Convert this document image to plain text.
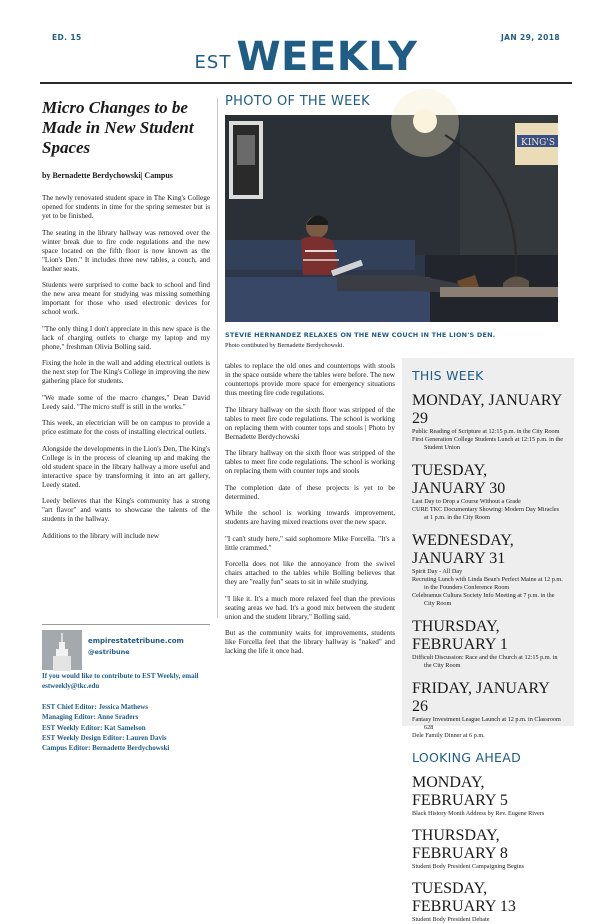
ED. 15	JAN 29, 2018
EST WEEKLY
Micro Changes to be Made in New Student Spaces
by Bernadette Berdychowski| Campus

The newly renovated student space in The King's College opened for students in time for the spring semester but is yet to be finished.

The seating in the library hallway was removed over the winter break due to fire code regulations and the new space located on the fifth floor is now known as the "Lion's Den." It includes three new tables, a couch, and leather seats.

Students were surprised to come back to school and find the new area meant for studying was missing something important for those who used electronic devices for school work.

"The only thing I don't appreciate in this new space is the lack of charging outlets to charge my laptop and my phone," freshman Olivia Bolling said.

Fixing the hole in the wall and adding electrical outlets is the next step for The King's College in improving the new gathering place for students.

"We made some of the macro changes," Dean David Leedy said. "The micro stuff is still in the works."

This week, an electrician will be on campus to provide a price estimate for the costs of installing electrical outlets.

Alongside the developments in the Lion's Den, The King's College is in the process of cleaning up and making the old student space in the library hallway a more useful and interactive space by transforming it into an art gallery, Leedy stated.

Leedy believes that the King's community has a strong "art flavor" and wants to showcase the talents of the students in the hallway.

Additions to the library will include new

PHOTO OF THE WEEK
KING'S
STEVIE HERNANDEZ RELAXES ON THE NEW COUCH IN THE LION'S DEN.
Photo contibuted by Bernadette Berdychowski.

tables to replace the old ones and countertops with stools in the space outside where the tables were before. The new countertops provide more space for emergency situations thus meeting fire code regulations.

The library hallway on the sixth floor was stripped of the tables to meet fire code regulations. The school is working on replacing them with counter tops and stools | Photo by Bernadette Berdychowski

The library hallway on the sixth floor was stripped of the tables to meet fire code regulations. The school is working on replacing them with counter tops and stools

The completion date of these projects is yet to be determined.

While the school is working towards improvement, students are having mixed reactions over the new space.

"I can't study here," said sophomore Mike Forcella. "It's a little crammed."

Forcella does not like the annoyance from the swivel chairs attached to the tables while Bolling believes that they are "really fun" seats to sit in while studying.

"I like it. It's a much more relaxed feel than the previous seating areas we had. It's a good mix between the student union and the student library," Bolling said.

But as the community waits for improvements, students like Forcella feel that the library hallway is "naked" and lacking the life it once had.

THIS WEEK
MONDAY, JANUARY 29
Public Reading of Scripture at 12:15 p.m. in the City Room
First Generation College Students Lunch at 12:15 p.m. in the Student Union
TUESDAY, JANUARY 30
Last Day to Drop a Course Without a Grade
CURE TKC Documentary Showing: Modern Day Miracles at 1 p.m. in the City Room
WEDNESDAY, JANUARY 31
Spirit Day - All Day
Recruting Lunch with Linda Bean's Perfect Maine at 12 p.m. in the Founders Conference Room
Celebramus Cultura Society Info Meeting at 7 p.m. in the City Room
THURSDAY, FEBRUARY 1
Difficult Discussion: Race and the Church at 12:15 p.m. in the City Room
FRIDAY, JANUARY 26
Fantasy Investment League Launch at 12 p.m. in Classroom 628
Dele Family Dinner at 6 p.m.
LOOKING AHEAD
MONDAY, FEBRUARY 5
Black History Month Address by Rev. Eugene Rivers
THURSDAY, FEBRUARY 8
Student Body President Campaigning Begins
TUESDAY, FEBRUARY 13
Student Body President Debate
empirestatetribune.com
@estribune
If you would like to contribute to EST Weekly, email estweekly@tkc.edu
EST Chief Editor: Jessica Mathews
Managing Editor: Anne Sraders
EST Weekly Editor: Kat Samelson
EST Weekly Design Editor: Lauren Davis
Campus Editor: Bernadette Berdychowski
